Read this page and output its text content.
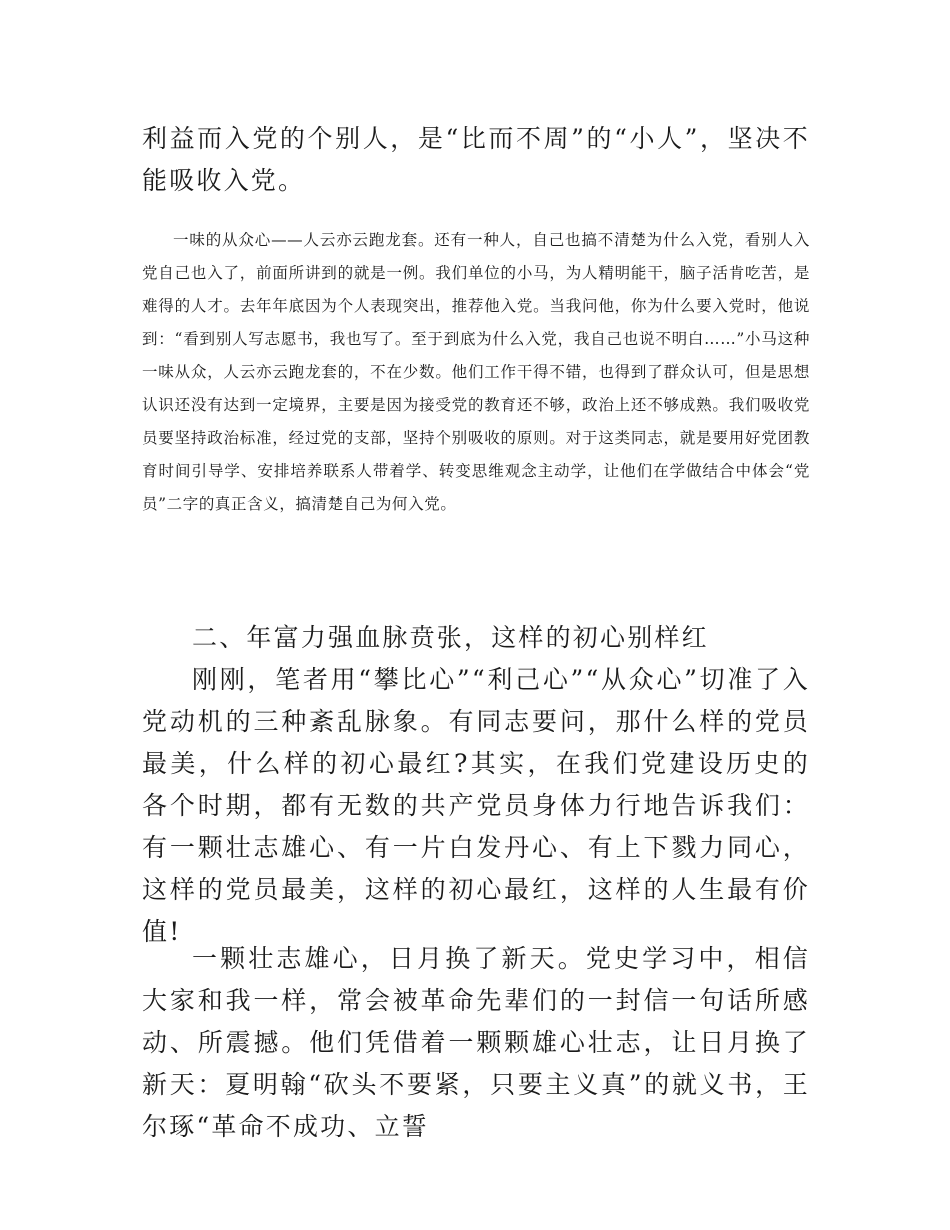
利益而入党的个别人，是“比而不周”的“小人”，坚决不能吸收入党。

一味的从众心——人云亦云跑龙套。还有一种人，自己也搞不清楚为什么入党，看别人入党自己也入了，前面所讲到的就是一例。我们单位的小马，为人精明能干，脑子活肯吃苦，是难得的人才。去年年底因为个人表现突出，推荐他入党。当我问他，你为什么要入党时，他说到：“看到别人写志愿书，我也写了。至于到底为什么入党，我自己也说不明白……”小马这种一味从众，人云亦云跑龙套的，不在少数。他们工作干得不错，也得到了群众认可，但是思想认识还没有达到一定境界，主要是因为接受党的教育还不够，政治上还不够成熟。我们吸收党员要坚持政治标准，经过党的支部，坚持个别吸收的原则。对于这类同志，就是要用好党团教育时间引导学、安排培养联系人带着学、转变思维观念主动学，让他们在学做结合中体会“党员”二字的真正含义，搞清楚自己为何入党。

二、年富力强血脉贲张，这样的初心别样红

刚刚，笔者用“攀比心”“利己心”“从众心”切准了入党动机的三种紊乱脉象。有同志要问，那什么样的党员最美，什么样的初心最红?其实，在我们党建设历史的各个时期，都有无数的共产党员身体力行地告诉我们：有一颗壮志雄心、有一片白发丹心、有上下戮力同心，这样的党员最美，这样的初心最红，这样的人生最有价值!

一颗壮志雄心，日月换了新天。党史学习中，相信大家和我一样，常会被革命先辈们的一封信一句话所感动、所震撼。他们凭借着一颗颗雄心壮志，让日月换了新天：夏明翰“砍头不要紧，只要主义真”的就义书，王尔琢“革命不成功、立誓
